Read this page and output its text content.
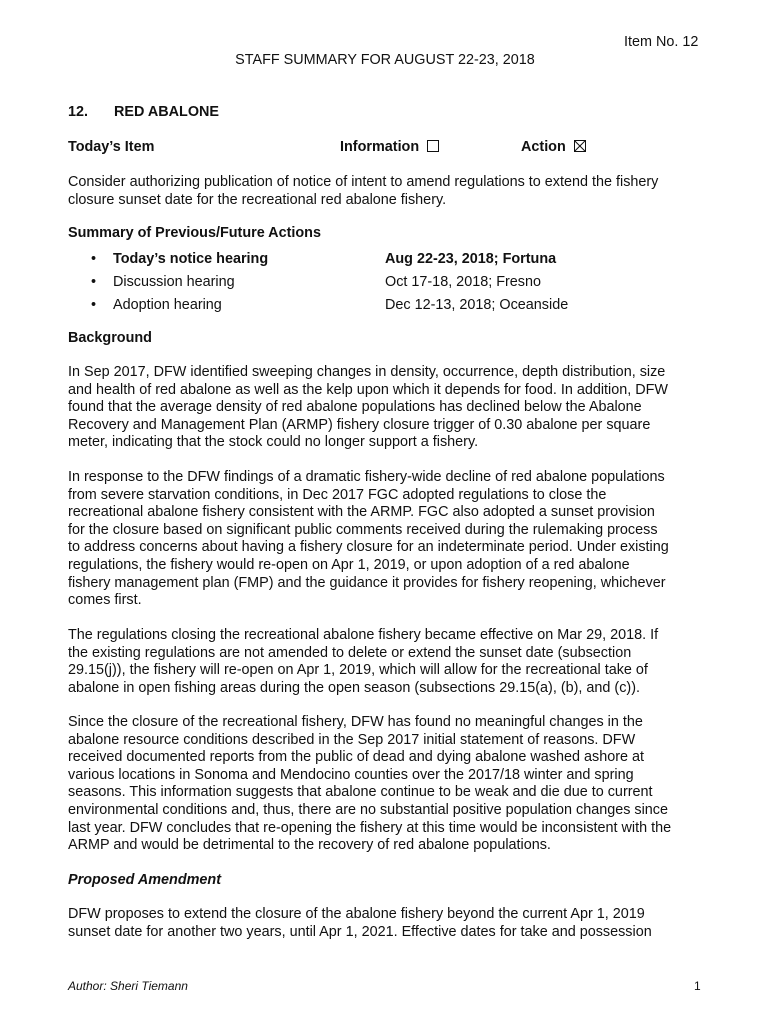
Item No. 12
STAFF SUMMARY FOR AUGUST 22-23, 2018
12. RED ABALONE
Today’s Item	Information	Action
Consider authorizing publication of notice of intent to amend regulations to extend the fishery
closure sunset date for the recreational red abalone fishery.
Summary of Previous/Future Actions
• Today’s notice hearing	Aug 22-23, 2018; Fortuna
• Discussion hearing	Oct 17-18, 2018; Fresno
• Adoption hearing	Dec 12-13, 2018; Oceanside
Background
In Sep 2017, DFW identified sweeping changes in density, occurrence, depth distribution, size
and health of red abalone as well as the kelp upon which it depends for food. In addition, DFW
found that the average density of red abalone populations has declined below the Abalone
Recovery and Management Plan (ARMP) fishery closure trigger of 0.30 abalone per square
meter, indicating that the stock could no longer support a fishery.
In response to the DFW findings of a dramatic fishery-wide decline of red abalone populations
from severe starvation conditions, in Dec 2017 FGC adopted regulations to close the
recreational abalone fishery consistent with the ARMP. FGC also adopted a sunset provision
for the closure based on significant public comments received during the rulemaking process
to address concerns about having a fishery closure for an indeterminate period. Under existing
regulations, the fishery would re-open on Apr 1, 2019, or upon adoption of a red abalone
fishery management plan (FMP) and the guidance it provides for fishery reopening, whichever
comes first.
The regulations closing the recreational abalone fishery became effective on Mar 29, 2018. If
the existing regulations are not amended to delete or extend the sunset date (subsection
29.15(j)), the fishery will re-open on Apr 1, 2019, which will allow for the recreational take of
abalone in open fishing areas during the open season (subsections 29.15(a), (b), and (c)).
Since the closure of the recreational fishery, DFW has found no meaningful changes in the
abalone resource conditions described in the Sep 2017 initial statement of reasons. DFW
received documented reports from the public of dead and dying abalone washed ashore at
various locations in Sonoma and Mendocino counties over the 2017/18 winter and spring
seasons. This information suggests that abalone continue to be weak and die due to current
environmental conditions and, thus, there are no substantial positive population changes since
last year. DFW concludes that re-opening the fishery at this time would be inconsistent with the
ARMP and would be detrimental to the recovery of red abalone populations.
Proposed Amendment
DFW proposes to extend the closure of the abalone fishery beyond the current Apr 1, 2019
sunset date for another two years, until Apr 1, 2021. Effective dates for take and possession
Author: Sheri Tiemann	1
